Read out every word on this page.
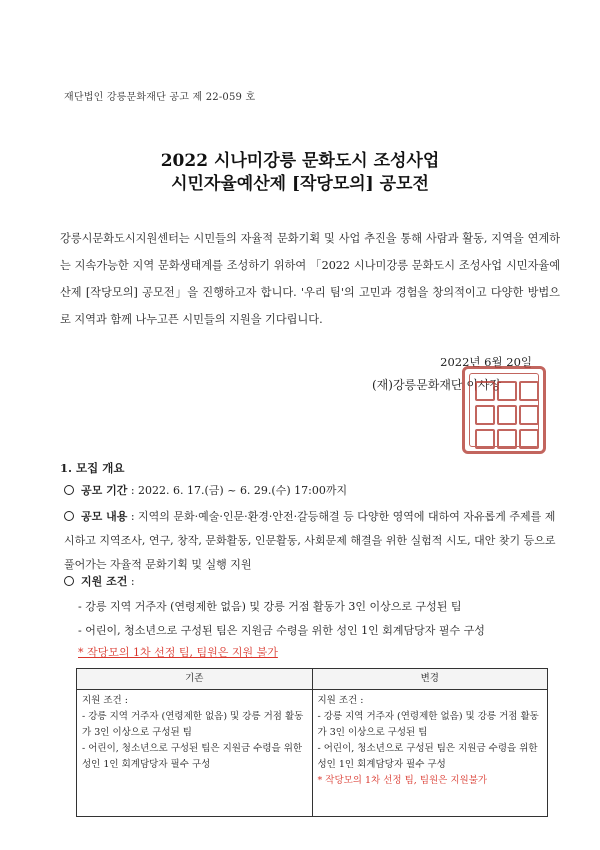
재단법인 강릉문화재단 공고 제 22-059 호
2022 시나미강릉 문화도시 조성사업
시민자율예산제 [작당모의] 공모전
강릉시문화도시지원센터는 시민들의 자율적 문화기획 및 사업 추진을 통해 사람과 활동, 지역을 연계하는 지속가능한 지역 문화생태계를 조성하기 위하여 「2022 시나미강릉 문화도시 조성사업 시민자율예산제 [작당모의] 공모전」을 진행하고자 합니다. '우리 팀'의 고민과 경험을 창의적이고 다양한 방법으로 지역과 함께 나누고픈 시민들의 지원을 기다립니다.
2022년 6월 20일
(재)강릉문화재단 이사장
1. 모집 개요
공모 기간 : 2022. 6. 17.(금) ~ 6. 29.(수) 17:00까지
공모 내용 : 지역의 문화·예술·인문·환경·안전·갈등해결 등 다양한 영역에 대하여 자유롭게 주제를 제시하고 지역조사, 연구, 창작, 문화활동, 인문활동, 사회문제 해결을 위한 실험적 시도, 대안 찾기 등으로 풀어가는 자율적 문화기획 및 실행 지원
지원 조건 :
- 강릉 지역 거주자 (연령제한 없음) 및 강릉 거점 활동가 3인 이상으로 구성된 팀
- 어린이, 청소년으로 구성된 팀은 지원금 수령을 위한 성인 1인 회계담당자 필수 구성
* 작당모의 1차 선정 팀, 팀원은 지원 불가
기존	변경

지원 조건 :
- 강릉 지역 거주자 (연령제한 없음) 및 강릉 거점 활동가 3인 이상으로 구성된 팀
- 어린이, 청소년으로 구성된 팀은 지원금 수령을 위한 성인 1인 회계담당자 필수 구성	지원 조건 :
- 강릉 지역 거주자 (연령제한 없음) 및 강릉 거점 활동가 3인 이상으로 구성된 팀
- 어린이, 청소년으로 구성된 팀은 지원금 수령을 위한 성인 1인 회계담당자 필수 구성
* 작당모의 1차 선정 팀, 팀원은 지원불가
